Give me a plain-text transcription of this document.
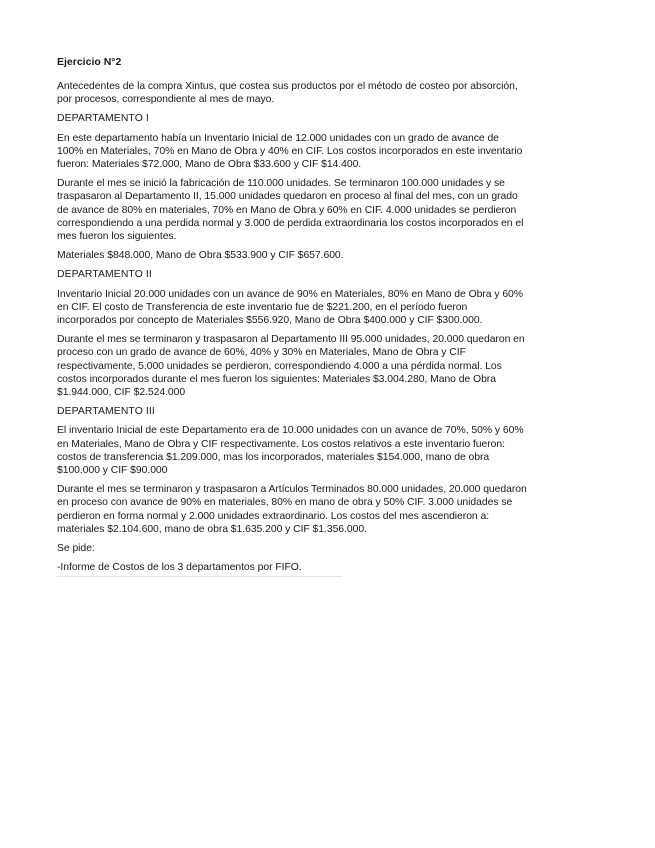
Ejercicio N°2

Antecedentes de la compra Xintus, que costea sus productos por el método de costeo por absorción, por procesos, correspondiente al mes de mayo.

DEPARTAMENTO I

En este departamento había un Inventario Inicial de 12.000 unidades con un grado de avance de 100% en Materiales, 70% en Mano de Obra y 40% en CIF. Los costos incorporados en este inventario fueron: Materiales $72.000, Mano de Obra $33.600 y CIF $14.400.

Durante el mes se inició la fabricación de 110.000 unidades. Se terminaron 100.000 unidades y se traspasaron al Departamento II, 15.000 unidades quedaron en proceso al final del mes, con un grado de avance de 80% en materiales, 70% en Mano de Obra y 60% en CIF. 4.000 unidades se perdieron correspondiendo a una perdida normal y 3.000 de perdida extraordinaria los costos incorporados en el mes fueron los siguientes.

Materiales $848.000, Mano de Obra $533.900 y CIF $657.600.

DEPARTAMENTO II

Inventario Inicial 20.000 unidades con un avance de 90% en Materiales, 80% en Mano de Obra y 60% en CIF. El costo de Transferencia de este inventario fue de $221.200, en el período fueron incorporados por concepto de Materiales $556.920, Mano de Obra $400.000 y CIF $300.000.

Durante el mes se terminaron y traspasaron al Departamento III 95.000 unidades, 20.000 quedaron en proceso con un grado de avance de 60%, 40% y 30% en Materiales, Mano de Obra y CIF respectivamente, 5.000 unidades se perdieron, correspondiendo 4.000 a una pérdida normal. Los costos incorporados durante el mes fueron los siguientes: Materiales $3.004.280, Mano de Obra $1.944.000, CIF $2.524.000

DEPARTAMENTO III

El inventario Inicial de este Departamento era de 10.000 unidades con un avance de 70%, 50% y 60% en Materiales, Mano de Obra y CIF respectivamente. Los costos relativos a este inventario fueron: costos de transferencia $1.209.000, mas los incorporados, materiales $154.000, mano de obra $100.000 y CIF $90.000

Durante el mes se terminaron y traspasaron a Artículos Terminados 80.000 unidades, 20.000 quedaron en proceso con avance de 90% en materiales, 80% en mano de obra y 50% CIF. 3.000 unidades se perdieron en forma normal y 2.000 unidades extraordinario. Los costos del mes ascendieron a: materiales $2.104.600, mano de obra $1.635.200 y CIF $1.356.000.

Se pide:

-Informe de Costos de los 3 departamentos por FIFO.
